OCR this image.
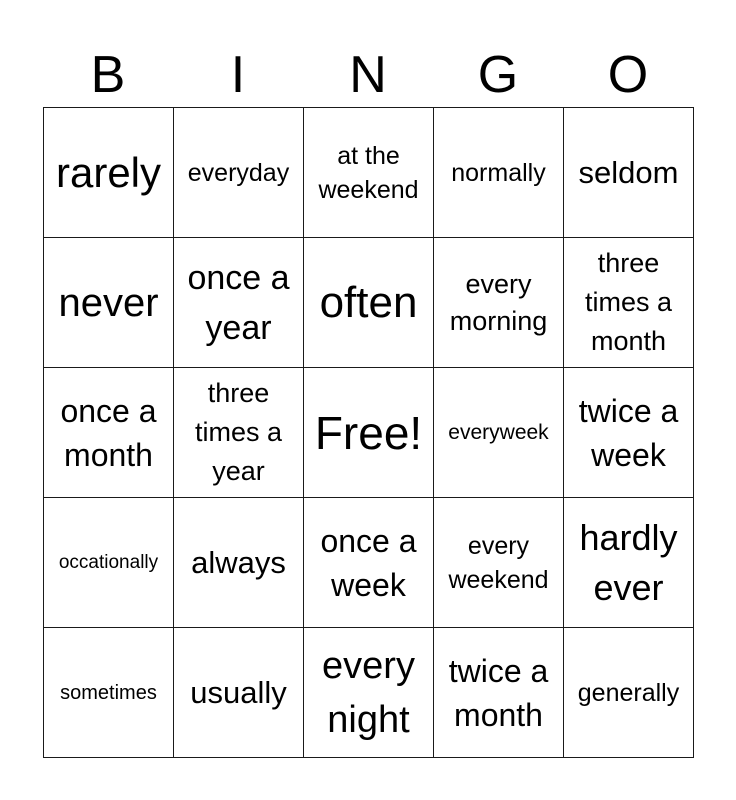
B	I	N	G	O
rarely	everyday	at the weekend	normally	seldom

never	once a year	often	every morning	three times a month

once a month	three times a year	Free!	everyweek	twice a week

occationally	always	once a week	every weekend	hardly ever

sometimes	usually	every night	twice a month	generally
